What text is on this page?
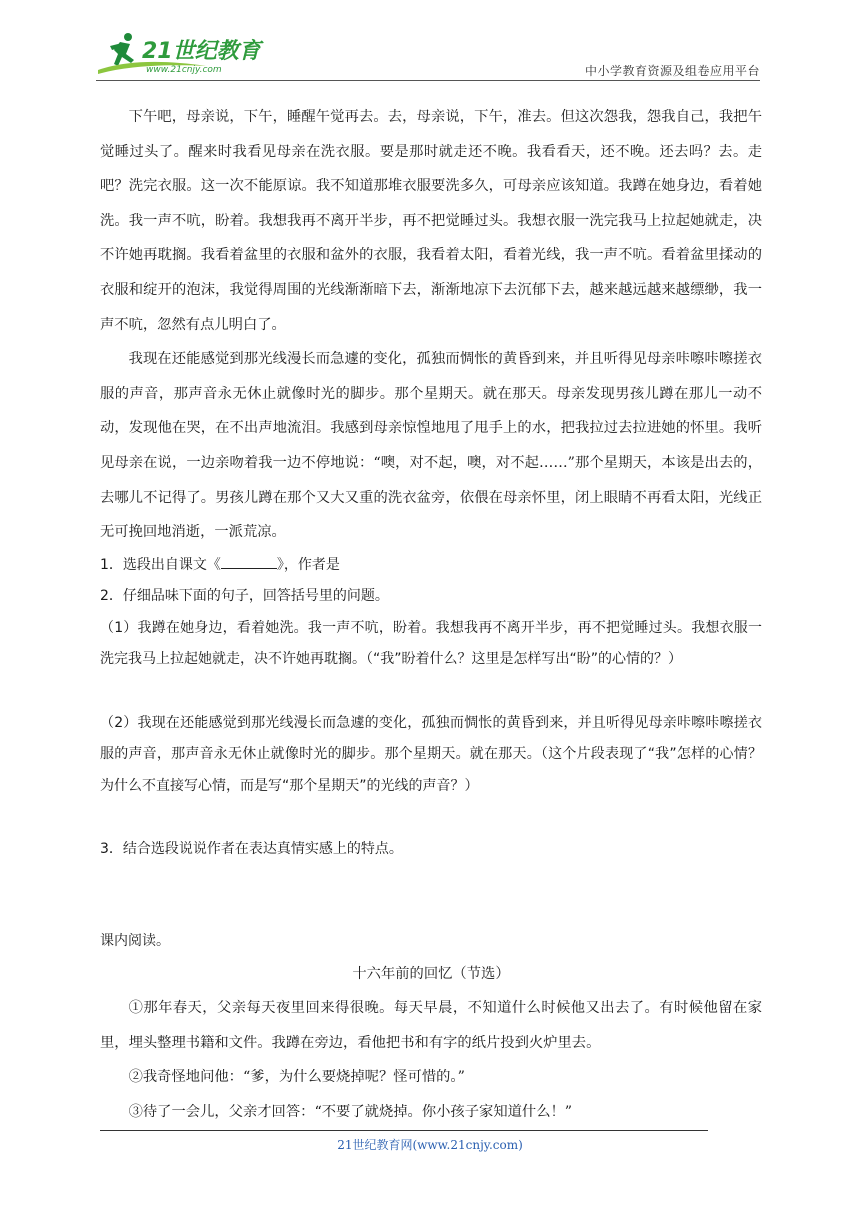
21世纪教育
www.21cnjy.com	中小学教育资源及组卷应用平台

下午吧，母亲说，下午，睡醒午觉再去。去，母亲说，下午，准去。但这次怨我，怨我自己，我把午觉睡过头了。醒来时我看见母亲在洗衣服。要是那时就走还不晚。我看看天，还不晚。还去吗？去。走吧？洗完衣服。这一次不能原谅。我不知道那堆衣服要洗多久，可母亲应该知道。我蹲在她身边，看着她洗。我一声不吭，盼着。我想我再不离开半步，再不把觉睡过头。我想衣服一洗完我马上拉起她就走，决不许她再耽搁。我看着盆里的衣服和盆外的衣服，我看着太阳，看着光线，我一声不吭。看着盆里揉动的衣服和绽开的泡沫，我觉得周围的光线渐渐暗下去，渐渐地凉下去沉郁下去，越来越远越来越缥缈，我一声不吭，忽然有点儿明白了。

我现在还能感觉到那光线漫长而急遽的变化，孤独而惆怅的黄昏到来，并且听得见母亲咔嚓咔嚓搓衣服的声音，那声音永无休止就像时光的脚步。那个星期天。就在那天。母亲发现男孩儿蹲在那儿一动不动，发现他在哭，在不出声地流泪。我感到母亲惊惶地甩了甩手上的水，把我拉过去拉进她的怀里。我听见母亲在说，一边亲吻着我一边不停地说：“噢，对不起，噢，对不起……”那个星期天，本该是出去的，去哪儿不记得了。男孩儿蹲在那个又大又重的洗衣盆旁，依偎在母亲怀里，闭上眼睛不再看太阳，光线正无可挽回地消逝，一派荒凉。

1．选段出自课文《	》，作者是

2．仔细品味下面的句子，回答括号里的问题。

（1）我蹲在她身边，看着她洗。我一声不吭，盼着。我想我再不离开半步，再不把觉睡过头。我想衣服一洗完我马上拉起她就走，决不许她再耽搁。（“我”盼着什么？这里是怎样写出“盼”的心情的？）

（2）我现在还能感觉到那光线漫长而急遽的变化，孤独而惆怅的黄昏到来，并且听得见母亲咔嚓咔嚓搓衣服的声音，那声音永无休止就像时光的脚步。那个星期天。就在那天。（这个片段表现了“我”怎样的心情？为什么不直接写心情，而是写“那个星期天”的光线的声音？）

3．结合选段说说作者在表达真情实感上的特点。

课内阅读。

十六年前的回忆（节选）

①那年春天，父亲每天夜里回来得很晚。每天早晨，不知道什么时候他又出去了。有时候他留在家里，埋头整理书籍和文件。我蹲在旁边，看他把书和有字的纸片投到火炉里去。

②我奇怪地问他：“爹，为什么要烧掉呢？怪可惜的。”

③待了一会儿，父亲才回答：“不要了就烧掉。你小孩子家知道什么！”

21世纪教育网(www.21cnjy.com)
